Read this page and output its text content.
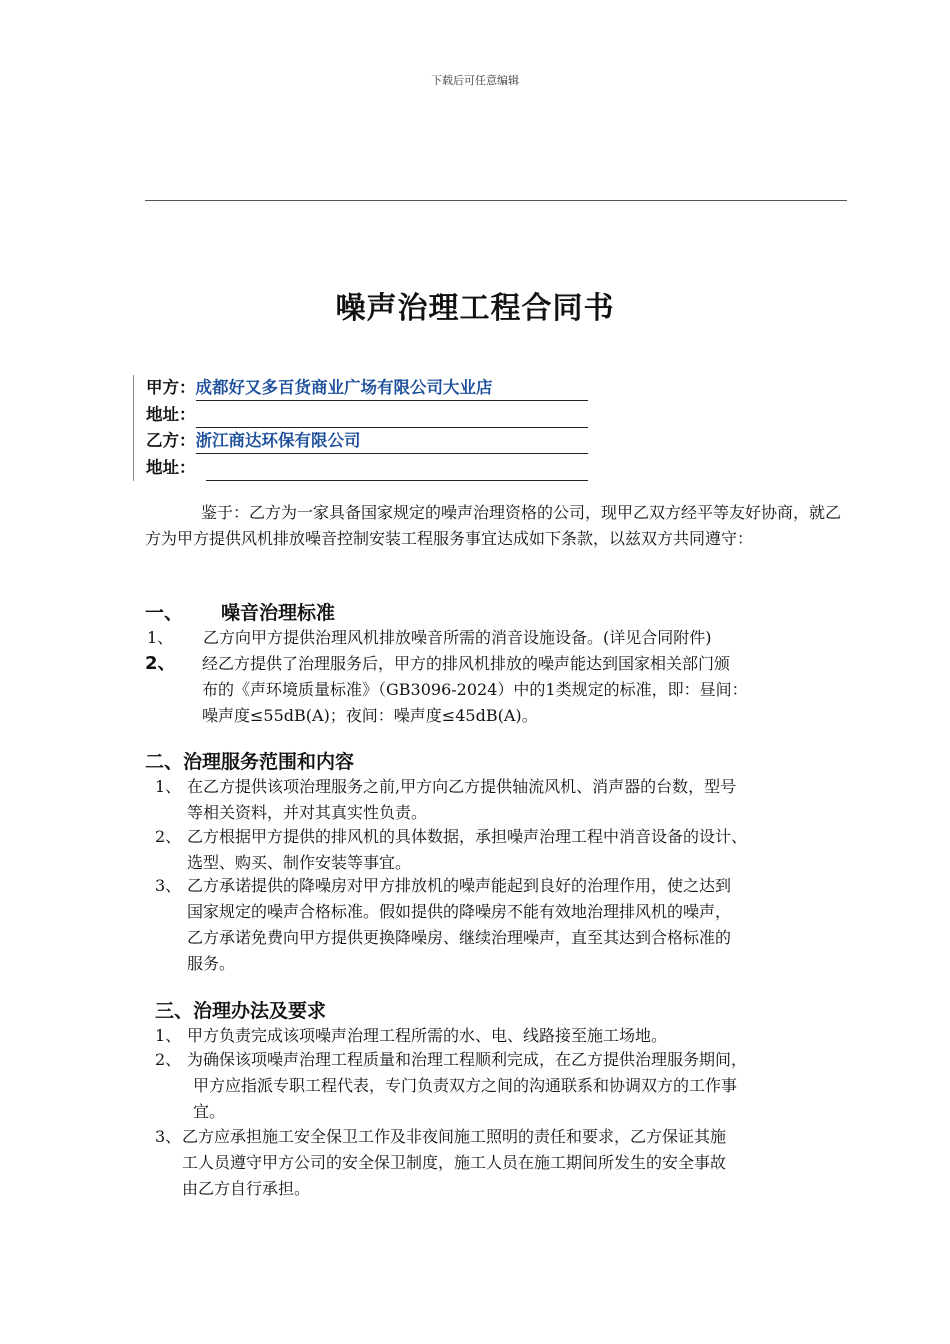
下载后可任意编辑
噪声治理工程合同书
甲方：成都好又多百货商业广场有限公司大业店
地址：
乙方：浙江商达环保有限公司
地址：
鉴于：乙方为一家具备国家规定的噪声治理资格的公司，现甲乙双方经平等友好协商，就乙方为甲方提供风机排放噪音控制安装工程服务事宜达成如下条款，以兹双方共同遵守：
一、 噪音治理标准
1、 乙方向甲方提供治理风机排放噪音所需的消音设施设备。(详见合同附件)
2、 经乙方提供了治理服务后，甲方的排风机排放的噪声能达到国家相关部门颁
布的《声环境质量标准》（GB3096-2024）中的1类规定的标准，即：昼间：
噪声度≤55dB(A)；夜间：噪声度≤45dB(A)。
二、治理服务范围和内容
1、 在乙方提供该项治理服务之前,甲方向乙方提供轴流风机、消声器的台数，型号
等相关资料，并对其真实性负责。
2、 乙方根据甲方提供的排风机的具体数据，承担噪声治理工程中消音设备的设计、
选型、购买、制作安装等事宜。
3、 乙方承诺提供的降噪房对甲方排放机的噪声能起到良好的治理作用，使之达到
国家规定的噪声合格标准。假如提供的降噪房不能有效地治理排风机的噪声，
乙方承诺免费向甲方提供更换降噪房、继续治理噪声，直至其达到合格标准的
服务。
三、治理办法及要求
1、 甲方负责完成该项噪声治理工程所需的水、电、线路接至施工场地。
2、 为确保该项噪声治理工程质量和治理工程顺利完成，在乙方提供治理服务期间，
甲方应指派专职工程代表，专门负责双方之间的沟通联系和协调双方的工作事
宜。
3、 乙方应承担施工安全保卫工作及非夜间施工照明的责任和要求，乙方保证其施
工人员遵守甲方公司的安全保卫制度，施工人员在施工期间所发生的安全事故
由乙方自行承担。
